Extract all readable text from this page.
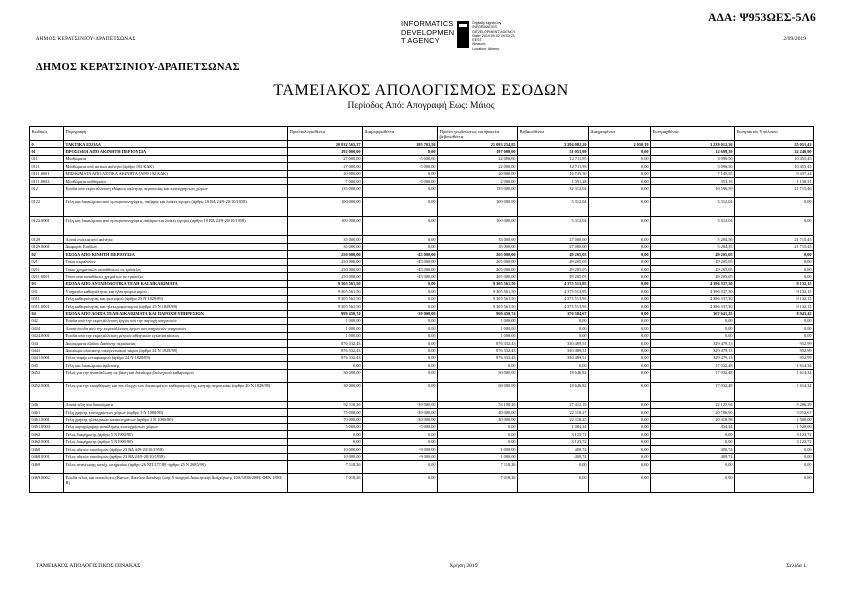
ΑΔΑ: Ψ953ΩΕΣ-5Λ6
ΔΗΜΟΣ ΚΕΡΑΤΣΙΝΙΟΥ-ΔΡΑΠΕΤΣΩΝΑΣ	2/09/2019
INFORMATICS
DEVELOPMEN
T AGENCY
Digitally signed by
INFORMATICS
DEVELOPMENT AGENCY
Date: 2019.09.02 09:53:21
EEST
Reason:
Location: Athens
ΔΗΜΟΣ ΚΕΡΑΤΣΙΝΙΟΥ-ΔΡΑΠΕΤΣΩΝΑΣ
ΤΑΜΕΙΑΚΟΣ ΑΠΟΛΟΓΙΣΜΟΣ ΕΣΟΔΩΝ
Περίοδος Από: Απογραφή Εως: Μάιος
Κωδικός	Περιγραφή	Προϋπολογισθέντα	Διαμορφωθέντα	Προϊόν γεωδεύσεως εισπρακτέα βεβαιωθέντα	Βεβαιωθέντα	Διαγραφέντα	Εισπραχθέντα	Εισπρακτέο Υπόλοιπο
0	ΤΑΚΤΙΚΑ ΕΣΟΔΑ	20 032 565,37	195 703,50	21 093 254,85	3 294 082,20	2 050,19	3 239 012,36	55 051,43
01	ΠΡΟΣΟΔΟΙ ΑΠΟ ΑΚΙΝΗΤΗ ΠΕΡΙΟΥΣΙΑ	192 000,00	0,00	197 000,00	51 053,99	0,00	12 699,39	32 240,90
011	Μισθώματα	27 000,00	-5 000,00	22 000,00	12 711,95	0,00	3 096,50	10 455,45
0111	Μισθώματα από αστικά ακίνητα (άρθρο 192 ΚΔΚ)	27 000,00	-5 000,00	22 000,00	12 711,95	0,00	3 096,50	10 455,45
0111.0001	ΜΙΣΘΩΜΑΤΑ ΑΠΟ ΑΣΤΙΚΑ ΑΚΙΝΗΤΑ (ΑΡΘ 192 ΚΔΚ)	20 000,00	0,00	20 000,00	16 735,50	0,00	7 145,35	9 437,24
0111.0002	Μισθώματα καθίσματα	7 000,00	-5 000,00	2 000,00	1 391,28	0,00	353,18	1 138,31
012	Έσοδα από εκμετάλλευση εδάφους ακίνητης περιουσίας και κοινόχρηστων χώρων	135 000,00	0,00	135 000,00	32 312,04	0,00	10 596,59	21 715,46
0122	Τέλη και δικαιώματα από εμποροπανηγύρεις, παζάρια και λαϊκές αγορές (άρθρο 19 ΒΔ 24/9-20/10/1958)	100 000,00	0,00	100 000,00	5 312,04	0,00	5 312,04	0,00
0122.0001	Τέλη και δικαιώματα από εμποροπανηγύρεις,παζάρια και λαϊκές αγορές (αρθρο 19 ΒΔ 24/9-20/10/1958)	100 000,00	0,00	100 000,00	5 312,04	0,00	5 312,04	0,00
0129	Λοιπά ενοίκια από ακίνητα	35 000,00	0,00	35 000,00	27 000,00	0,00	5 284,56	21 715,45
0129.0001	Διαφορές Εσόδων	35 000,00	0,00	35 000,00	27 000,00	0,00	5 284,55	21 715,45
02	ΕΣΟΔΑ ΑΠΟ ΚΙΝΗΤΗ ΠΕΡΙΟΥΣΙΑ	250 000,00	-45 000,00	205 000,00	49 205,05	0,00	49 205,05	0,00
021	Τόκοι κεφαλαίων	250 000,00	-45 000,00	205 000,00	49 205,05	0,00	49 205,05	0,00
0211	Τόκοι χρηματικών καταθέσεων σε τράπεζες	250 000,00	-45 000,00	205 000,00	49 205,05	0,00	49 205,05	0,00
0211.0001	Τόκοι από καταθέσεις χρημάτων σε τράπεζες	250 000,00	-45 000,00	205 000,00	49 205,05	0,00	49 205,05	0,00
03	ΕΣΟΔΑ ΑΠΟ ΑΝΤΑΠΟΔΟΤΙΚΑ ΤΕΛΗ ΚΑΙ ΔΙΚΑΙΩΜΑΤΑ	9 305 561,50	0,00	9 305 561,50	4 375 513,95	0,00	4 396 337,30	9 132,15
031	Υπηρεσία καθαριότητας και ηλεκτροφωτισμού	9 305 561,50	0,00	9 305 561,50	4 375 513,95	0,00	4 396 337,30	9 132,15
0311	Τέλη καθαριότητας και φωτισμού (άρθρο 25 Ν 1828/89)	9 305 561,50	0,00	9 305 561,50	4 375 513,95	0,00	4 386 337,30	9 132,15
0311.0001	Τέλη καθαριότητας και ηλεκτροφωτισμού (αρθρο 25 Ν 1828/89)	9 305 561,50	0,00	9 305 561,50	4 375 513,95	0,00	4 386 337,30	9 132,15
04	ΕΣΟΔΑ ΑΠΟ ΛΟΙΠΑ ΤΕΛΗ ΔΙΚΑΙΩΜΑΤΑ ΚΑΙ ΠΑΡΟΧΗ ΥΠΗΡΕΣΙΩΝ	999 450,74	-39 000,00	960 450,74	376 584,67	0,00	367 641,25	8 943,42
042	Έσοδα από την εκμετάλλευση έργων και την παροχή υπηρεσιών	1 000,00	0,00	1 000,00	0,00	0,00	0,00	0,00
0424	Λοιπά έσοδα από την εκμετάλλευση έργων και υπηρεσιών υπηρεσιών	1 000,00	0,00	1 000,00	0,00	0,00	0,00	0,00
0424.0001	Έσοδα από την εκμετάλλευση μέτρων αθλητικών εγκαταστάσεων	1 000,00	0,00	1 000,00	0,00	0,00	0,00	0,00
044	Δικαιώματα εξόδου Δαπάνης περιουσίας	876 332,43	0,00	876 332,43	330 489,51	0,00	329 479,13	952,99
0441	Δικαίωμα σύστασης οικογενειακού τάφου (άρθρο 24 Ν 1828/89)	876 332,43	0,00	876 332,43	330 489,51	0,00	329 479,13	952,99
0441.0001	Τέλος ταφής ενταφιασμού (άρθρο 24 Ν 1828/89)	876 332,43	0,00	876 332,43	330 489,51	0,00	329 479,13	952,99
045	Τέλη και δικαιώματα άρδευσης	0,00	0,00	0,00	0,00	0,00	17 032,48	1 614,34
0452	Τέλος για την ανακύκλωση σε βάση και δικαίωμα βιολογικού καθαρισμού	30 000,00	0,00	30 000,00	18 646,82	0,00	17 032,48	1 614,34
0452.0001	Τέλος για την εκκαθάριση και τον έλεγχο των δικαιωμάτων καθαρισμού της κινητής περιουσίας (αρθρο 20 Ν 1828/89)	30 000,00	0,00	30 000,00	18 646,82	0,00	17 032,48	1 614,34
046	Λοιπά τέλη και δικαιώματα	92 118,26	-39 000,00	53 108,26	27 412,19	0,00	22 125,94	5 286,29
0461	Τέλη χρήσης κοινοχρήστων χώρων (άρθρο 3 Ν 1080/80)	75 000,00	-39 000,00	40 000,00	22 118,27	0,00	20 706,90	3 012,67
0461.0001	Τέλη χρήσης ηλεκτρικών καταστημάτων (άρθρο 3 Ν 1080/80)	70 000,00	-30 000,00	40 000,00	22 118,25	0,00	20 418,58	1 500,00
0461.0004	Τέλη παραχώρησης κατάληψης κοινοχρήστων χώρων	5 000,00	-5 000,00	0,00	1 384,24	0,00	434,24	1 520,00
0462	Τέλος διαφήμισης (άρθρο 5 Ν1900/90)	0,00	0,00	0,00	3 123,72	0,00	0,00	3 123,72
0462.0001	Τέλος διαφήμισης (αρθρο 5 Ν1900/90)	0,00	0,00	0,00	3 123,72	0,00	0,00	3 123,72
0468	Τέλος αδειών οικοδομών (άρθρο 23 ΒΔ 449-20/10/1958)	10 000,00	-9 000,00	1 000,00	400,74	0,00	400,74	0,00
0468.0001	Τέλος αδειών οικοδομών (αρθρο 23 ΒΔ 24/9-20/10/1958)	10 000,00	-9 000,00	1 000,00	400,74	0,00	400,74	0,00
0469	Τέλος ανανέωσης κατόχ. υπηρεσίας (άρθρο 26 ΝΠ 277/89 -άρθρο 25 Ν 2685/99)	7 118,26	0,00	7 118,26	0,00	0,00	0,00	0,00
0469.0002	Έσοδα τέλος και αποκλίσεις (Κανων. Δικτύου Δαπάνης ζωής Υπουργού Διοικητικής Διαχείρισης 10Α/1838/2009, ΦΕΚ 1893/Β)	7 018,26	0,00	7 018,26	0,00	0,00	0,00	0,00
ΤΑΜΕΙΑΚΟΣ ΑΠΟΛΟΓΙΣΤΙΚΟΣ ΠΙΝΑΚΑΣ	Χρήση 2019	Σελίδα 1
